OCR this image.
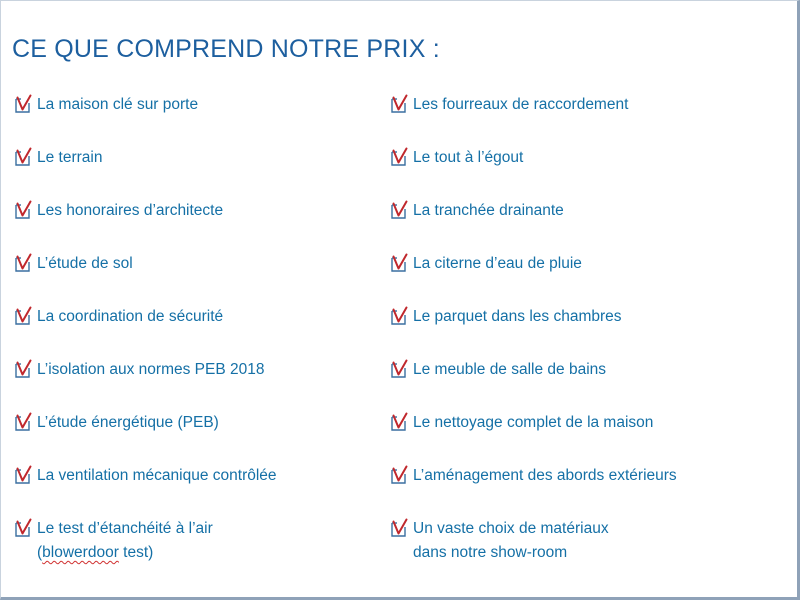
CE QUE COMPREND NOTRE PRIX :
La maison clé sur porte
Le terrain
Les honoraires d’architecte
L’étude de sol
La coordination de sécurité
L’isolation aux normes PEB 2018
L’étude énergétique (PEB)
La ventilation mécanique contrôlée
Le test d’étanchéité à l’air
(blowerdoor test)
Les fourreaux de raccordement
Le tout à l’égout
La tranchée drainante
La citerne d’eau de pluie
Le parquet dans les chambres
Le meuble de salle de bains
Le nettoyage complet de la maison
L’aménagement des abords extérieurs
Un vaste choix de matériaux
dans notre show-room
